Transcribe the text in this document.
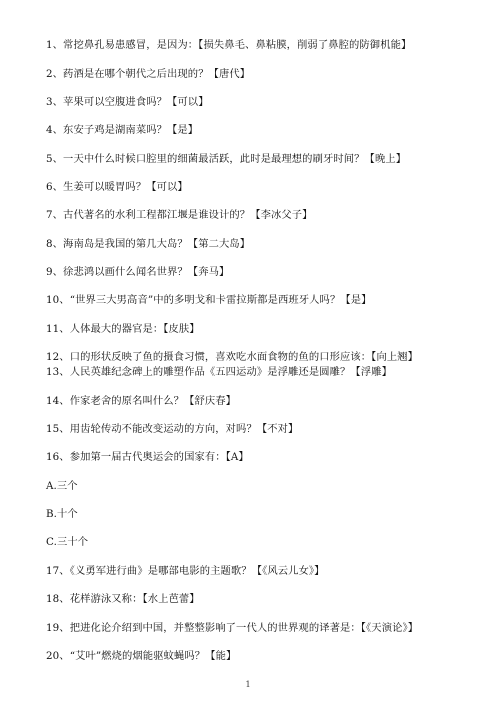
1、常挖鼻孔易患感冒，是因为：【损失鼻毛、鼻粘膜，削弱了鼻腔的防御机能】
2、药酒是在哪个朝代之后出现的？【唐代】
3、苹果可以空腹进食吗？【可以】
4、东安子鸡是湖南菜吗？【是】
5、一天中什么时候口腔里的细菌最活跃，此时是最理想的刷牙时间？【晚上】
6、生姜可以暖胃吗？【可以】
7、古代著名的水利工程都江堰是谁设计的？【李冰父子】
8、海南岛是我国的第几大岛？【第二大岛】
9、徐悲鸿以画什么闻名世界？【奔马】
10、“世界三大男高音”中的多明戈和卡雷拉斯都是西班牙人吗？【是】
11、人体最大的器官是：【皮肤】
12、口的形状反映了鱼的摄食习惯，喜欢吃水面食物的鱼的口形应该：【向上翘】
13、人民英雄纪念碑上的雕塑作品《五四运动》是浮雕还是圆雕？【浮雕】
14、作家老舍的原名叫什么？【舒庆春】
15、用齿轮传动不能改变运动的方向，对吗？【不对】
16、参加第一届古代奥运会的国家有：【A】
A.三个
B.十个
C.三十个
17、《义勇军进行曲》是哪部电影的主题歌？【《风云儿女》】
18、花样游泳又称：【水上芭蕾】
19、把进化论介绍到中国，并整整影响了一代人的世界观的译著是：【《天演论》】
20、“艾叶”燃烧的烟能驱蚊蝇吗？【能】
1
